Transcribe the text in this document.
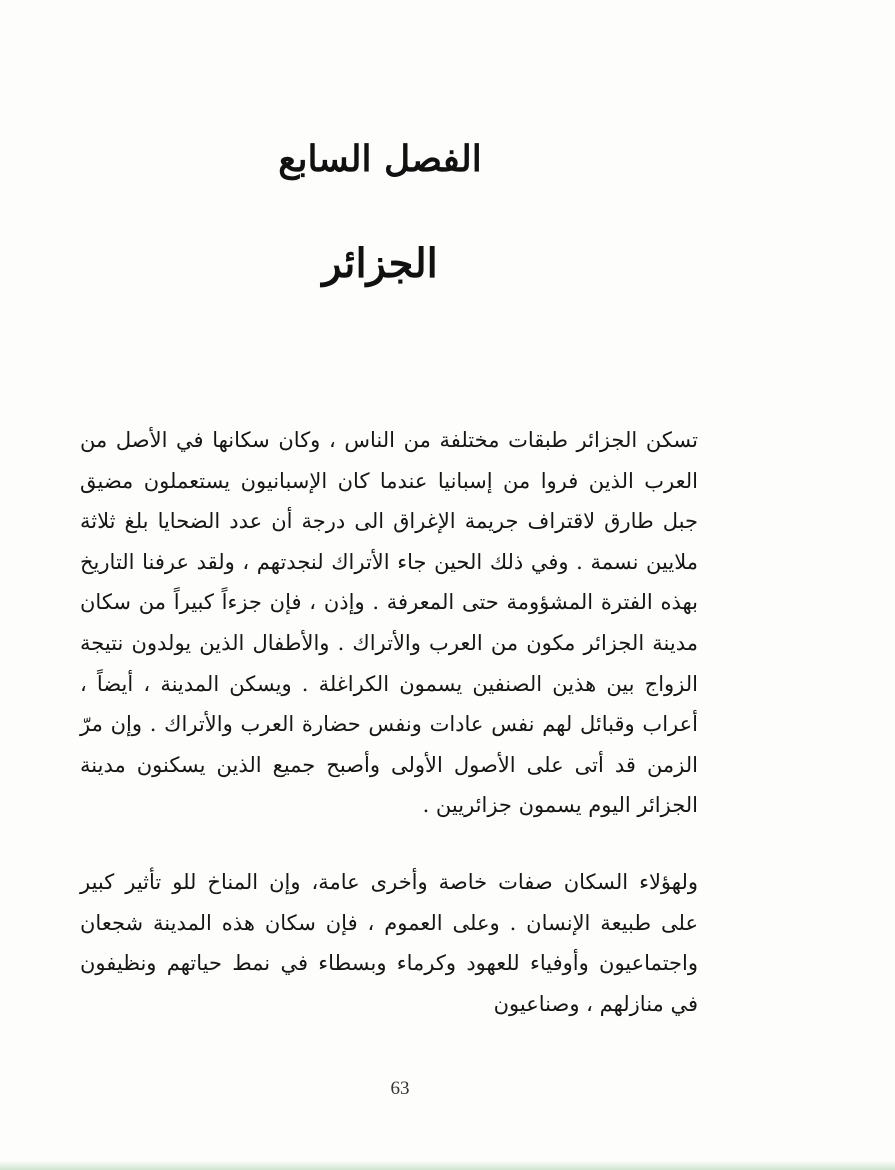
الفصل السابع
الجزائر

تسكن الجزائر طبقات مختلفة من الناس ، وكان سكانها في الأصل من العرب الذين فروا من إسبانيا عندما كان الإسبانيون يستعملون مضيق جبل طارق لاقتراف جريمة الإغراق الى درجة أن عدد الضحايا بلغ ثلاثة ملايين نسمة . وفي ذلك الحين جاء الأتراك لنجدتهم ، ولقد عرفنا التاريخ بهذه الفترة المشؤومة حتى المعرفة . وإذن ، فإن جزءاً كبيراً من سكان مدينة الجزائر مكون من العرب والأتراك . والأطفال الذين يولدون نتيجة الزواج بين هذين الصنفين يسمون الكراغلة . ويسكن المدينة ، أيضاً ، أعراب وقبائل لهم نفس عادات ونفس حضارة العرب والأتراك . وإن مرّ الزمن قد أتى على الأصول الأولى وأصبح جميع الذين يسكنون مدينة الجزائر اليوم يسمون جزائريين .

ولهؤلاء السكان صفات خاصة وأخرى عامة، وإن المناخ للو تأثير كبير على طبيعة الإنسان . وعلى العموم ، فإن سكان هذه المدينة شجعان واجتماعيون وأوفياء للعهود وكرماء وبسطاء في نمط حياتهم ونظيفون في منازلهم ، وصناعيون

63
